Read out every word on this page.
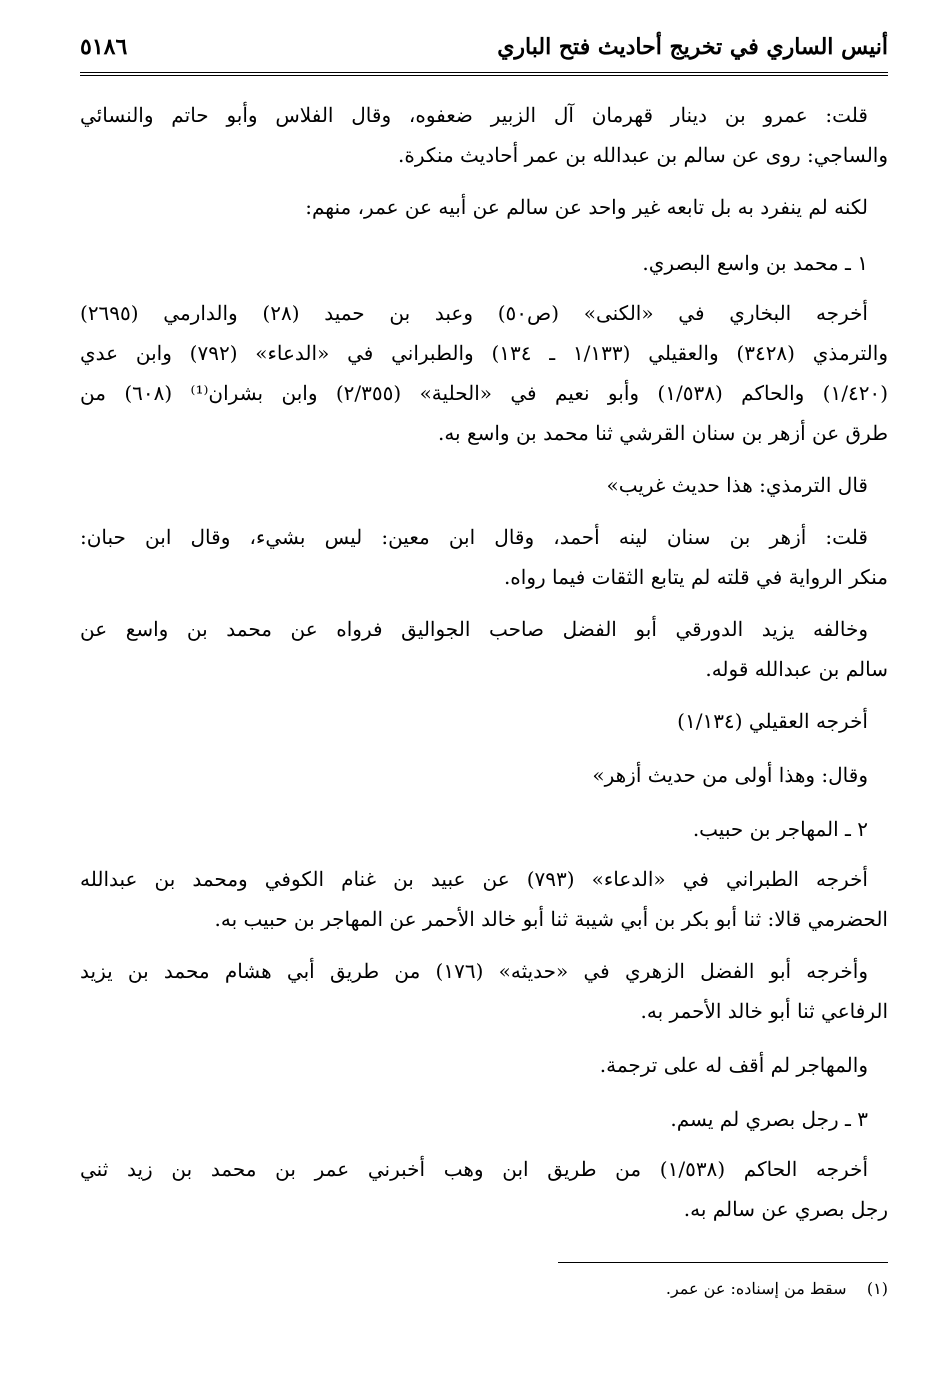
أنيس الساري في تخريج أحاديث فتح الباري
٥١٨٦
قلت: عمرو بن دينار قهرمان آل الزبير ضعفوه، وقال الفلاس وأبو حاتم والنسائي
والساجي: روى عن سالم بن عبدالله بن عمر أحاديث منكرة.
لكنه لم ينفرد به بل تابعه غير واحد عن سالم عن أبيه عن عمر، منهم:
١ ـ محمد بن واسع البصري.
أخرجه البخاري في «الكنى» (ص٥٠) وعبد بن حميد (٢٨) والدارمي (٢٦٩٥)
والترمذي (٣٤٢٨) والعقيلي (١/١٣٣ ـ ١٣٤) والطبراني في «الدعاء» (٧٩٢) وابن عدي
(١/٤٢٠) والحاكم (١/٥٣٨) وأبو نعيم في «الحلية» (٢/٣٥٥) وابن بشران⁽¹⁾ (٦٠٨) من
طرق عن أزهر بن سنان القرشي ثنا محمد بن واسع به.
قال الترمذي: هذا حديث غريب»
قلت: أزهر بن سنان لينه أحمد، وقال ابن معين: ليس بشيء، وقال ابن حبان:
منكر الرواية في قلته لم يتابع الثقات فيما رواه.
وخالفه يزيد الدورقي أبو الفضل صاحب الجواليق فرواه عن محمد بن واسع عن
سالم بن عبدالله قوله.
أخرجه العقيلي (١/١٣٤)
وقال: وهذا أولى من حديث أزهر»
٢ ـ المهاجر بن حبيب.
أخرجه الطبراني في «الدعاء» (٧٩٣) عن عبيد بن غنام الكوفي ومحمد بن عبدالله
الحضرمي قالا: ثنا أبو بكر بن أبي شيبة ثنا أبو خالد الأحمر عن المهاجر بن حبيب به.
وأخرجه أبو الفضل الزهري في «حديثه» (١٧٦) من طريق أبي هشام محمد بن يزيد
الرفاعي ثنا أبو خالد الأحمر به.
والمهاجر لم أقف له على ترجمة.
٣ ـ رجل بصري لم يسم.
أخرجه الحاكم (١/٥٣٨) من طريق ابن وهب أخبرني عمر بن محمد بن زيد ثني
رجل بصري عن سالم به.
(١)    سقط من إسناده: عن عمر.
